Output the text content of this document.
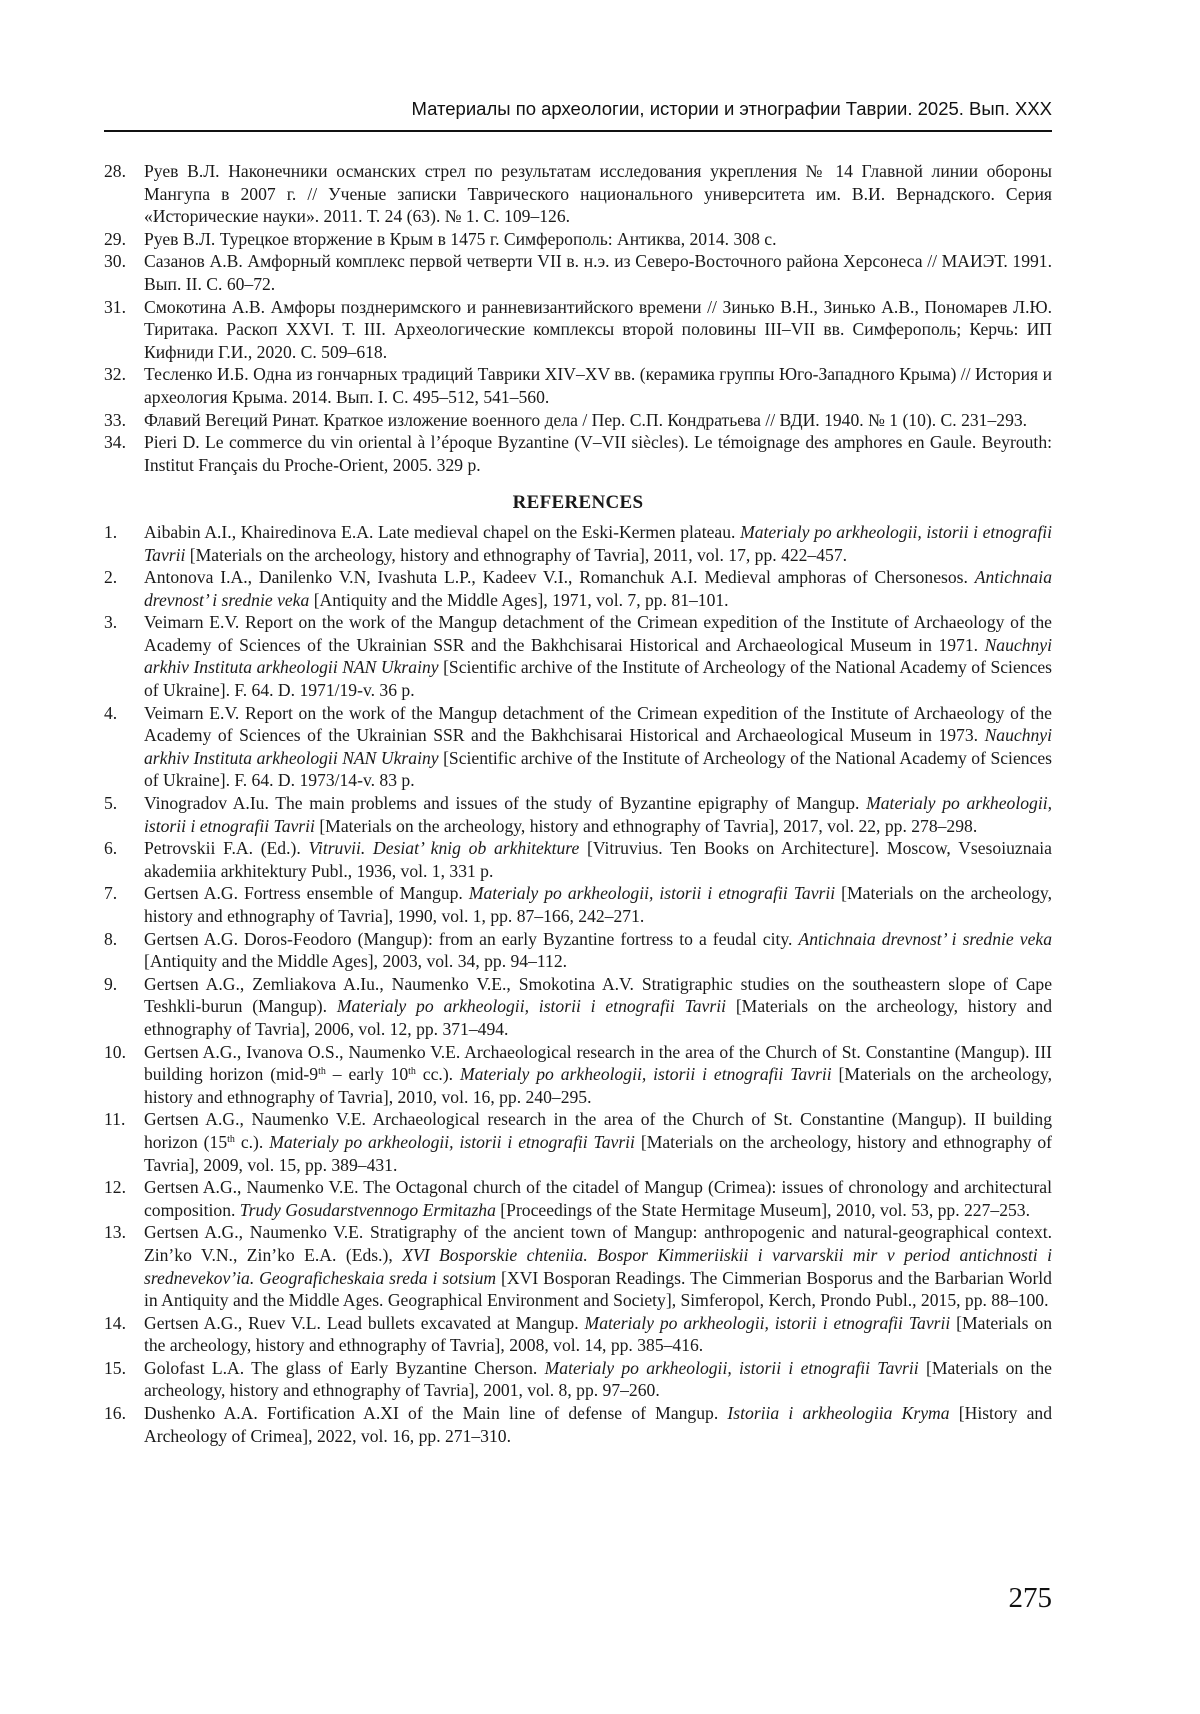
Материалы по археологии, истории и этнографии Таврии. 2025. Вып. XXX
28.	Руев В.Л. Наконечники османских стрел по результатам исследования укрепления № 14 Главной линии обороны Мангупа в 2007 г. // Ученые записки Таврического национального университета им. В.И. Вернадского. Серия «Исторические науки». 2011. Т. 24 (63). № 1. С. 109–126.
29.	Руев В.Л. Турецкое вторжение в Крым в 1475 г. Симферополь: Антиква, 2014. 308 с.
30.	Сазанов А.В. Амфорный комплекс первой четверти VII в. н.э. из Северо-Восточного района Херсонеса // МАИЭТ. 1991. Вып. II. С. 60–72.
31.	Смокотина А.В. Амфоры позднеримского и ранневизантийского времени // Зинько В.Н., Зинько А.В., Пономарев Л.Ю. Тиритака. Раскоп XXVI. Т. III. Археологические комплексы второй половины III–VII вв. Симферополь; Керчь: ИП Кифниди Г.И., 2020. С. 509–618.
32.	Тесленко И.Б. Одна из гончарных традиций Таврики XIV–XV вв. (керамика группы Юго-Западного Крыма) // История и археология Крыма. 2014. Вып. I. С. 495–512, 541–560.
33.	Флавий Вегеций Ринат. Краткое изложение военного дела / Пер. С.П. Кондратьева // ВДИ. 1940. № 1 (10). С. 231–293.
34.	Pieri D. Le commerce du vin oriental à l’époque Byzantine (V–VII siècles). Le témoignage des amphores en Gaule. Beyrouth: Institut Français du Proche-Orient, 2005. 329 p.
REFERENCES
1.	Aibabin A.I., Khairedinova E.A. Late medieval chapel on the Eski-Kermen plateau. Materialy po arkheologii, istorii i etnografii Tavrii [Materials on the archeology, history and ethnography of Tavria], 2011, vol. 17, pp. 422–457.
2.	Antonova I.A., Danilenko V.N, Ivashuta L.P., Kadeev V.I., Romanchuk A.I. Medieval amphoras of Chersonesos. Antichnaia drevnost’ i srednie veka [Antiquity and the Middle Ages], 1971, vol. 7, pp. 81–101.
3.	Veimarn E.V. Report on the work of the Mangup detachment of the Crimean expedition of the Institute of Archaeology of the Academy of Sciences of the Ukrainian SSR and the Bakhchisarai Historical and Archaeological Museum in 1971. Nauchnyi arkhiv Instituta arkheologii NAN Ukrainy [Scientific archive of the Institute of Archeology of the National Academy of Sciences of Ukraine]. F. 64. D. 1971/19-v. 36 p.
4.	Veimarn E.V. Report on the work of the Mangup detachment of the Crimean expedition of the Institute of Archaeology of the Academy of Sciences of the Ukrainian SSR and the Bakhchisarai Historical and Archaeological Museum in 1973. Nauchnyi arkhiv Instituta arkheologii NAN Ukrainy [Scientific archive of the Institute of Archeology of the National Academy of Sciences of Ukraine]. F. 64. D. 1973/14-v. 83 p.
5.	Vinogradov A.Iu. The main problems and issues of the study of Byzantine epigraphy of Mangup. Materialy po arkheologii, istorii i etnografii Tavrii [Materials on the archeology, history and ethnography of Tavria], 2017, vol. 22, pp. 278–298.
6.	Petrovskii F.A. (Ed.). Vitruvii. Desiat’ knig ob arkhitekture [Vitruvius. Ten Books on Architecture]. Moscow, Vsesoiuznaia akademiia arkhitektury Publ., 1936, vol. 1, 331 p.
7.	Gertsen A.G. Fortress ensemble of Mangup. Materialy po arkheologii, istorii i etnografii Tavrii [Materials on the archeology, history and ethnography of Tavria], 1990, vol. 1, pp. 87–166, 242–271.
8.	Gertsen A.G. Doros-Feodoro (Mangup): from an early Byzantine fortress to a feudal city. Antichnaia drevnost’ i srednie veka [Antiquity and the Middle Ages], 2003, vol. 34, pp. 94–112.
9.	Gertsen A.G., Zemliakova A.Iu., Naumenko V.E., Smokotina A.V. Stratigraphic studies on the southeastern slope of Cape Teshkli-burun (Mangup). Materialy po arkheologii, istorii i etnografii Tavrii [Materials on the archeology, history and ethnography of Tavria], 2006, vol. 12, pp. 371–494.
10.	Gertsen A.G., Ivanova O.S., Naumenko V.E. Archaeological research in the area of the Church of St. Constantine (Mangup). III building horizon (mid-9th – early 10th cc.). Materialy po arkheologii, istorii i etnografii Tavrii [Materials on the archeology, history and ethnography of Tavria], 2010, vol. 16, pp. 240–295.
11.	Gertsen A.G., Naumenko V.E. Archaeological research in the area of the Church of St. Constantine (Mangup). II building horizon (15th c.). Materialy po arkheologii, istorii i etnografii Tavrii [Materials on the archeology, history and ethnography of Tavria], 2009, vol. 15, pp. 389–431.
12.	Gertsen A.G., Naumenko V.E. The Octagonal church of the citadel of Mangup (Crimea): issues of chronology and architectural composition. Trudy Gosudarstvennogo Ermitazha [Proceedings of the State Hermitage Museum], 2010, vol. 53, pp. 227–253.
13.	Gertsen A.G., Naumenko V.E. Stratigraphy of the ancient town of Mangup: anthropogenic and natural-geographical context. Zin’ko V.N., Zin’ko E.A. (Eds.), XVI Bosporskie chteniia. Bospor Kimmeriiskii i varvarskii mir v period antichnosti i srednevekov’ia. Geograficheskaia sreda i sotsium [XVI Bosporan Readings. The Cimmerian Bosporus and the Barbarian World in Antiquity and the Middle Ages. Geographical Environment and Society], Simferopol, Kerch, Prondo Publ., 2015, pp. 88–100.
14.	Gertsen A.G., Ruev V.L. Lead bullets excavated at Mangup. Materialy po arkheologii, istorii i etnografii Tavrii [Materials on the archeology, history and ethnography of Tavria], 2008, vol. 14, pp. 385–416.
15.	Golofast L.A. The glass of Early Byzantine Cherson. Materialy po arkheologii, istorii i etnografii Tavrii [Materials on the archeology, history and ethnography of Tavria], 2001, vol. 8, pp. 97–260.
16.	Dushenko A.A. Fortification A.XI of the Main line of defense of Mangup. Istoriia i arkheologiia Kryma [History and Archeology of Crimea], 2022, vol. 16, pp. 271–310.
275
